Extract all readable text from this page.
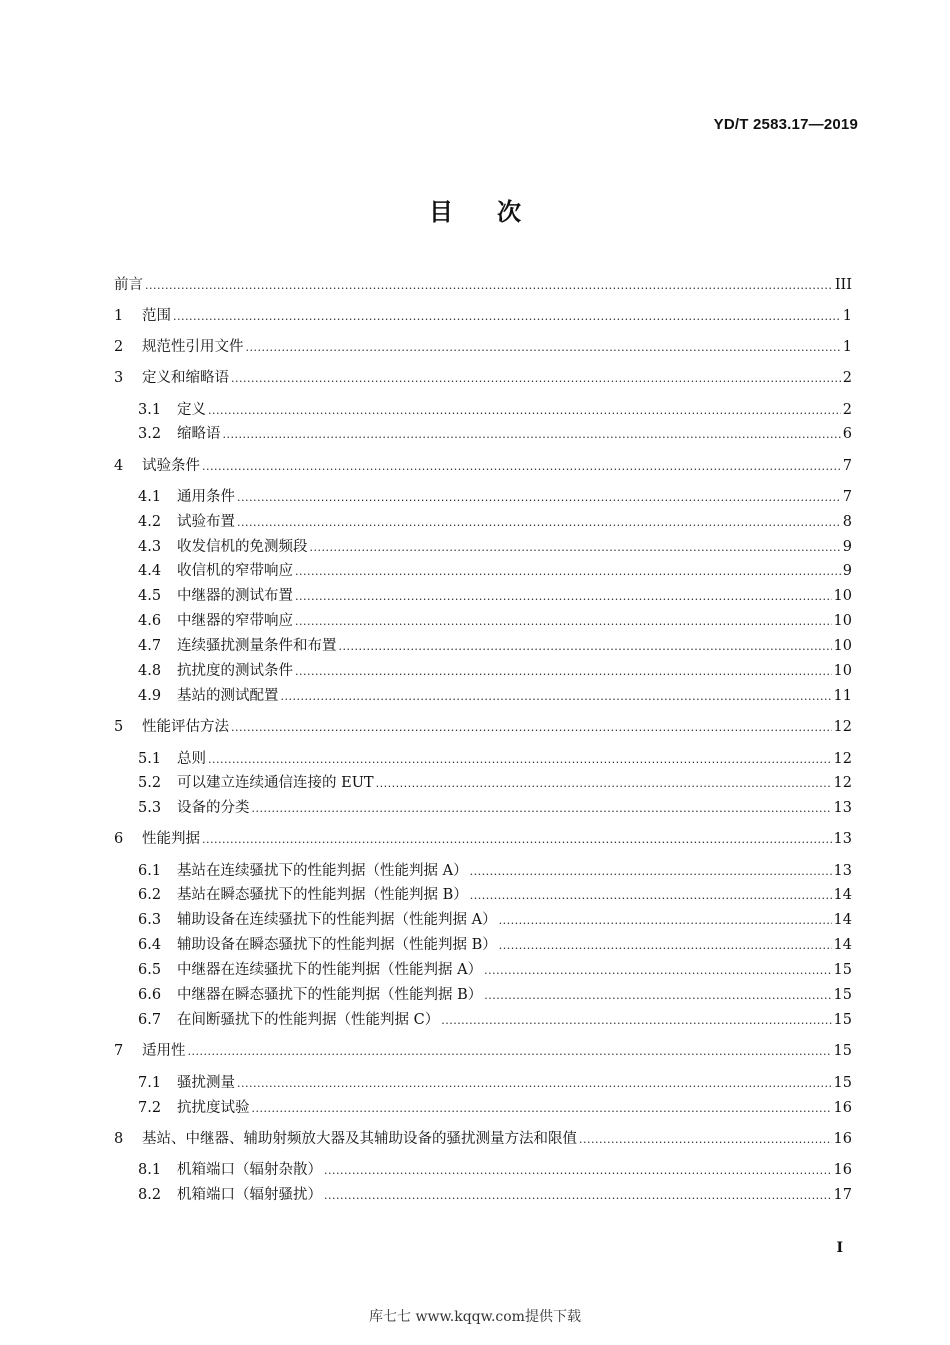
YD/T 2583.17—2019
目次
前言 .....	III
1	范围 .....	1
2	规范性引用文件 .....	1
3	定义和缩略语 .....	2
3.1	定义 .....	2
3.2	缩略语 .....	6
4	试验条件 .....	7
4.1	通用条件 .....	7
4.2	试验布置 .....	8
4.3	收发信机的免测频段 .....	9
4.4	收信机的窄带响应 .....	9
4.5	中继器的测试布置 .....	10
4.6	中继器的窄带响应 .....	10
4.7	连续骚扰测量条件和布置 .....	10
4.8	抗扰度的测试条件 .....	10
4.9	基站的测试配置 .....	11
5	性能评估方法 .....	12
5.1	总则 .....	12
5.2	可以建立连续通信连接的 EUT .....	12
5.3	设备的分类 .....	13
6	性能判据 .....	13
6.1	基站在连续骚扰下的性能判据（性能判据 A） .....	13
6.2	基站在瞬态骚扰下的性能判据（性能判据 B） .....	14
6.3	辅助设备在连续骚扰下的性能判据（性能判据 A） .....	14
6.4	辅助设备在瞬态骚扰下的性能判据（性能判据 B） .....	14
6.5	中继器在连续骚扰下的性能判据（性能判据 A） .....	15
6.6	中继器在瞬态骚扰下的性能判据（性能判据 B） .....	15
6.7	在间断骚扰下的性能判据（性能判据 C） .....	15
7	适用性 .....	15
7.1	骚扰测量 .....	15
7.2	抗扰度试验 .....	16
8	基站、中继器、辅助射频放大器及其辅助设备的骚扰测量方法和限值 .....	16
8.1	机箱端口（辐射杂散） .....	16
8.2	机箱端口（辐射骚扰） .....	17
I
库七七 www.kqqw.com提供下载
